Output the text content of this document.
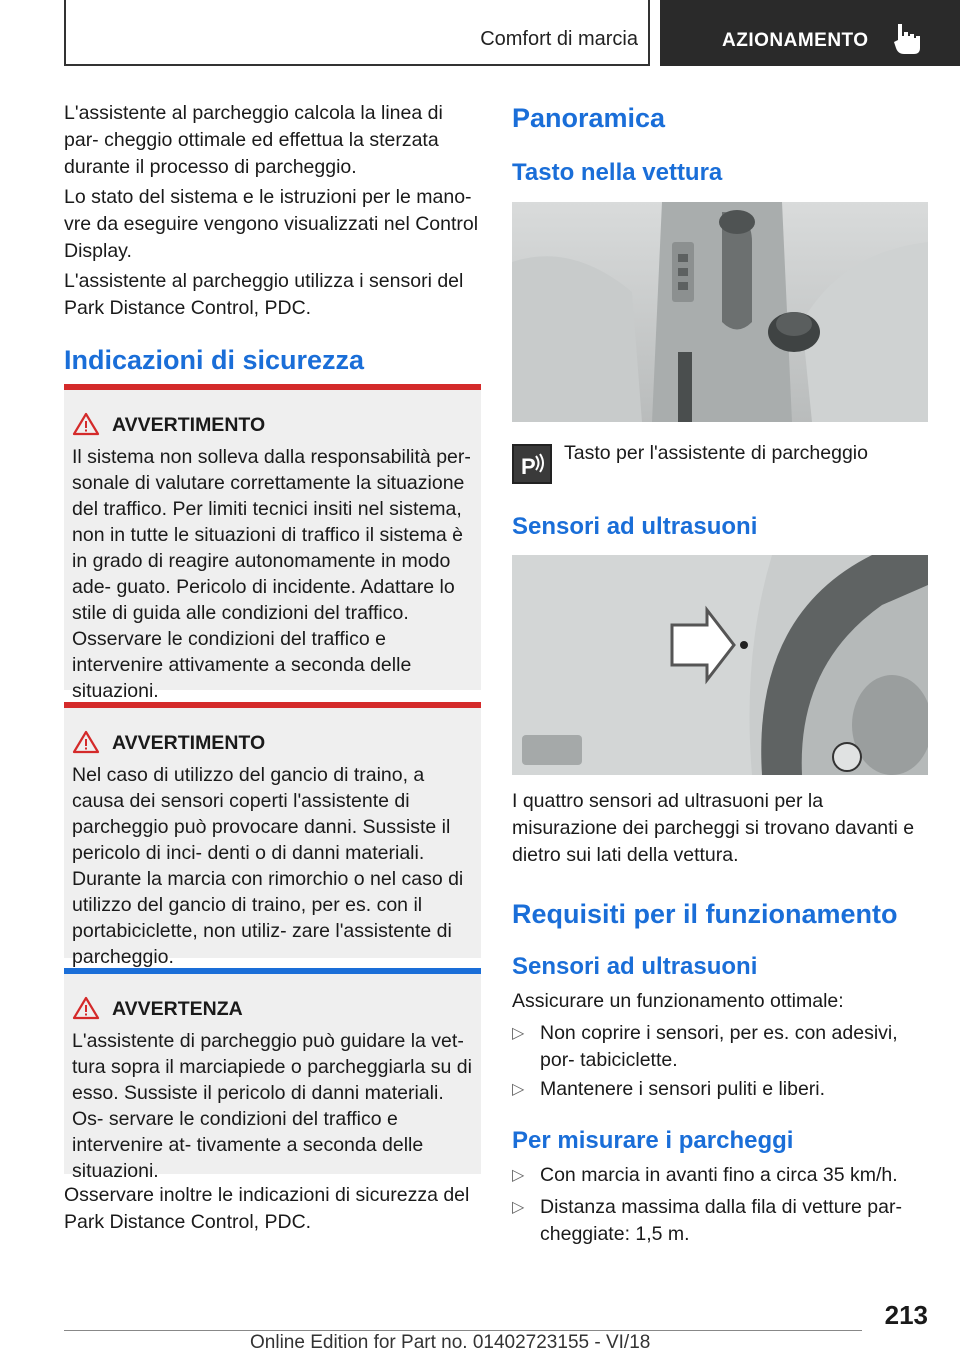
Comfort di marcia	AZIONAMENTO

L'assistente al parcheggio calcola la linea di par- cheggio ottimale ed effettua la sterzata durante il processo di parcheggio.

Lo stato del sistema e le istruzioni per le mano- vre da eseguire vengono visualizzati nel Control Display.

L'assistente al parcheggio utilizza i sensori del Park Distance Control, PDC.

Indicazioni di sicurezza
AVVERTIMENTO
Il sistema non solleva dalla responsabilità per- sonale di valutare correttamente la situazione del traffico. Per limiti tecnici insiti nel sistema, non in tutte le situazioni di traffico il sistema è in grado di reagire autonomamente in modo ade- guato. Pericolo di incidente. Adattare lo stile di guida alle condizioni del traffico. Osservare le condizioni del traffico e intervenire attivamente a seconda delle situazioni.
AVVERTIMENTO
Nel caso di utilizzo del gancio di traino, a causa dei sensori coperti l'assistente di parcheggio può provocare danni. Sussiste il pericolo di inci- denti o di danni materiali. Durante la marcia con rimorchio o nel caso di utilizzo del gancio di traino, per es. con il portabiciclette, non utiliz- zare l'assistente di parcheggio.
AVVERTENZA
L'assistente di parcheggio può guidare la vet- tura sopra il marciapiede o parcheggiarla su di esso. Sussiste il pericolo di danni materiali. Os- servare le condizioni del traffico e intervenire at- tivamente a seconda delle situazioni.

Osservare inoltre le indicazioni di sicurezza del Park Distance Control, PDC.

Panoramica
Tasto nella vettura
P

Tasto per l'assistente di parcheggio

Sensori ad ultrasuoni

I quattro sensori ad ultrasuoni per la misurazione dei parcheggi si trovano davanti e dietro sui lati della vettura.

Requisiti per il funzionamento
Sensori ad ultrasuoni

Assicurare un funzionamento ottimale:

▷ Non coprire i sensori, per es. con adesivi, por- tabiciclette.
▷ Mantenere i sensori puliti e liberi.
Per misurare i parcheggi
▷ Con marcia in avanti fino a circa 35 km/h.
▷ Distanza massima dalla fila di vetture par- cheggiate: 1,5 m.
213
Online Edition for Part no. 01402723155 - VI/18
